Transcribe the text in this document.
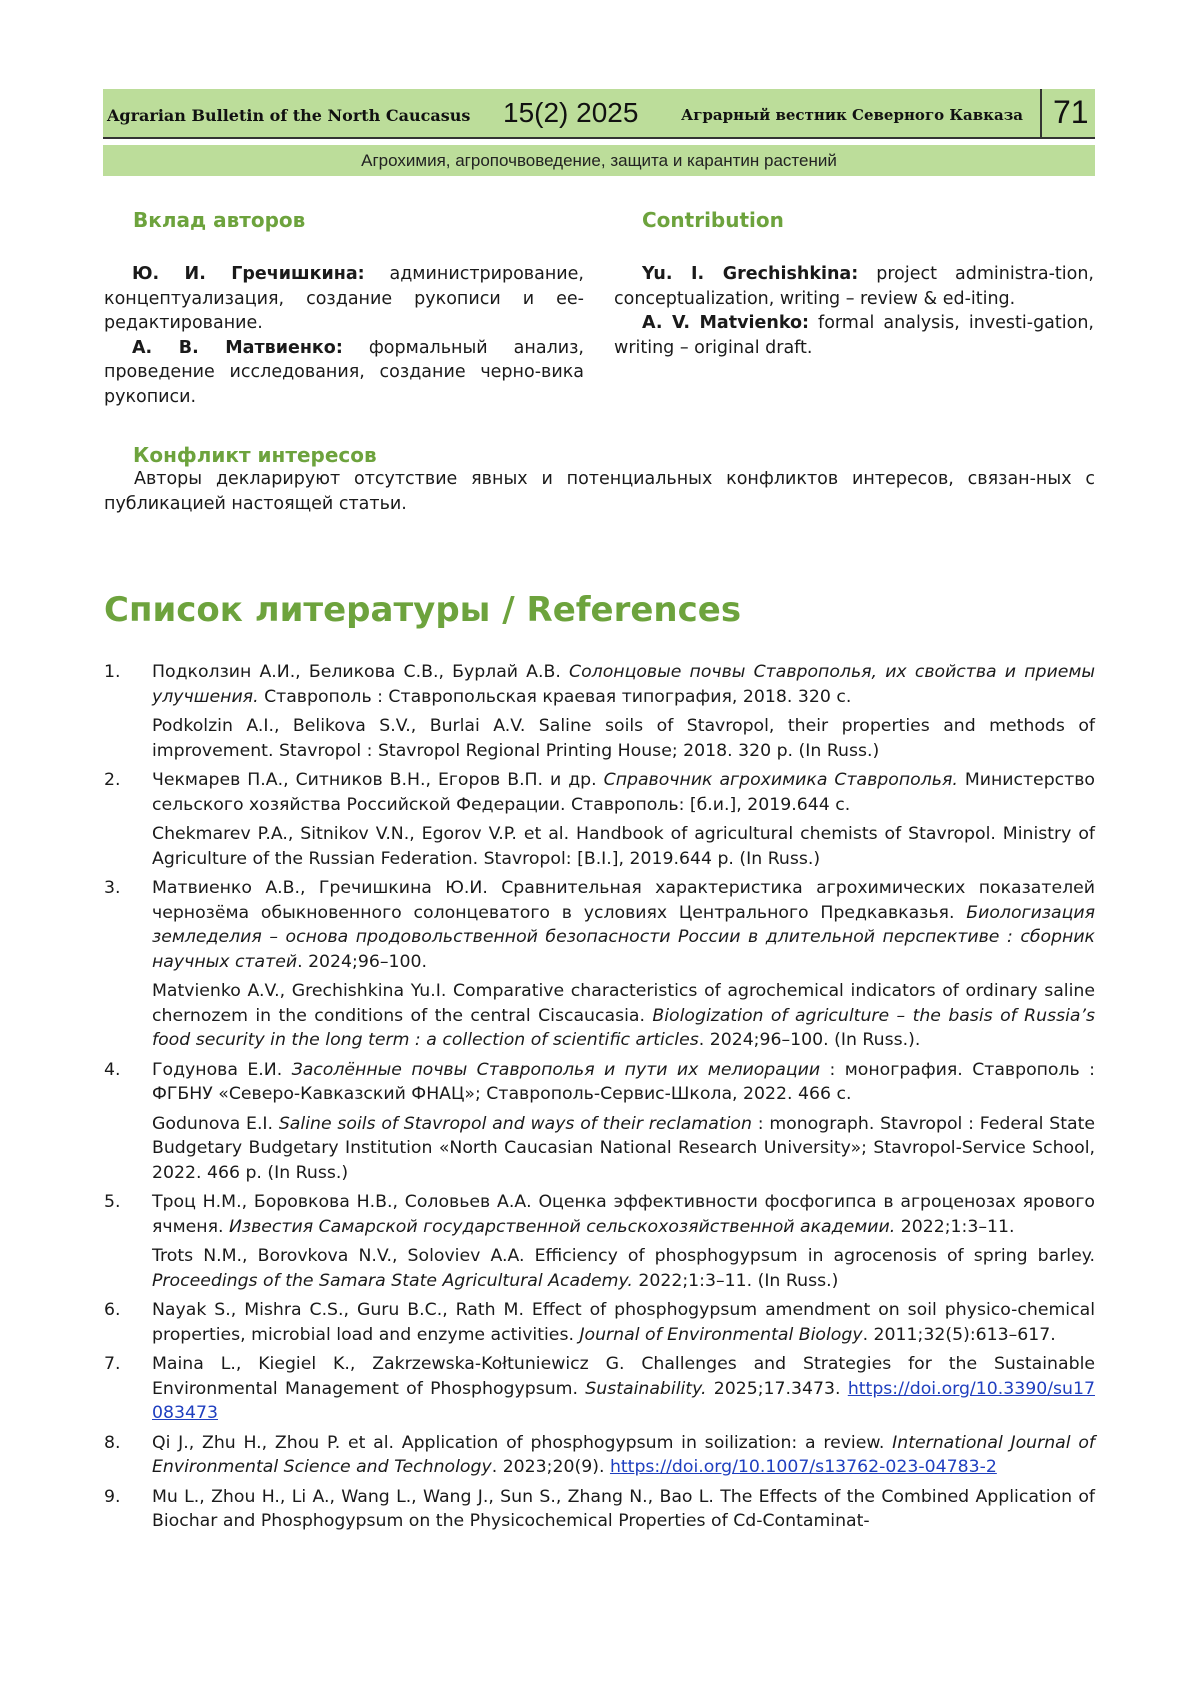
Agrarian Bulletin of the North Caucasus 15(2) 2025	Аграрный вестник Северного Кавказа 71
Агрохимия, агропочвоведение, защита и карантин растений
Вклад авторов	Contribution

Ю. И. Гречишкина: администрирование, концептуализация, создание рукописи и ее-редактирование.

А. В. Матвиенко: формальный анализ, проведение исследования, создание черно-вика рукописи.

Yu. I. Grechishkina: project administra-tion, conceptualization, writing – review & ed-iting.

A. V. Matvienko: formal analysis, investi-gation, writing – original draft.

Конфликт интересов

Авторы декларируют отсутствие явных и потенциальных конфликтов интересов, связан-ных с публикацией настоящей статьи.

Список литературы / References
1. Подколзин А.И., Беликова С.В., Бурлай А.В. Солонцовые почвы Ставрополья, их свойства и приемы улучшения. Ставрополь : Ставропольская краевая типография, 2018. 320 с.

Podkolzin A.I., Belikova S.V., Burlai A.V. Saline soils of Stavropol, their properties and methods of improvement. Stavropol : Stavropol Regional Printing House; 2018. 320 p. (In Russ.)

2. Чекмарев П.А., Ситников В.Н., Егоров В.П. и др. Справочник агрохимика Ставрополья. Министерство сельского хозяйства Российской Федерации. Ставрополь: [б.и.], 2019.644 с.

Chekmarev P.A., Sitnikov V.N., Egorov V.P. et al. Handbook of agricultural chemists of Stavropol. Ministry of Agriculture of the Russian Federation. Stavropol: [B.I.], 2019.644 p. (In Russ.)

3. Матвиенко А.В., Гречишкина Ю.И. Сравнительная характеристика агрохимических показателей чернозёма обыкновенного солонцеватого в условиях Центрального Предкавказья. Биологизация земледелия – основа продовольственной безопасности России в длительной перспективе : сборник научных статей. 2024;96–100.

Matvienko A.V., Grechishkina Yu.I. Comparative characteristics of agrochemical indicators of ordinary saline chernozem in the conditions of the central Ciscaucasia. Biologization of agriculture – the basis of Russia’s food security in the long term : a collection of scientific articles. 2024;96–100. (In Russ.).

4. Годунова Е.И. Засолённые почвы Ставрополья и пути их мелиорации : монография. Ставрополь : ФГБНУ «Северо-Кавказский ФНАЦ»; Ставрополь-Сервис-Школа, 2022. 466 с.

Godunova E.I. Saline soils of Stavropol and ways of their reclamation : monograph. Stavropol : Federal State Budgetary Budgetary Institution «North Caucasian National Research University»; Stavropol-Service School, 2022. 466 p. (In Russ.)

5. Троц Н.М., Боровкова Н.В., Соловьев А.А. Оценка эффективности фосфогипса в агроценозах ярового ячменя. Известия Самарской государственной сельскохозяйственной академии. 2022;1:3–11.

Trots N.M., Borovkova N.V., Soloviev A.A. Efficiency of phosphogypsum in agrocenosis of spring barley. Proceedings of the Samara State Agricultural Academy. 2022;1:3–11. (In Russ.)

6. Nayak S., Mishra C.S., Guru B.C., Rath M. Effect of phosphogypsum amendment on soil physico-chemical properties, microbial load and enzyme activities. Journal of Environmental Biology. 2011;32(5):613–617.

7. Maina L., Kiegiel K., Zakrzewska-Kołtuniewicz G. Challenges and Strategies for the Sustainable Environmental Management of Phosphogypsum. Sustainability. 2025;17.3473. https://doi.org/10.3390/su17083473

8. Qi J., Zhu H., Zhou P. et al. Application of phosphogypsum in soilization: a review. International Journal of Environmental Science and Technology. 2023;20(9). https://doi.org/10.1007/s13762-023-04783-2

9. Mu L., Zhou H., Li A., Wang L., Wang J., Sun S., Zhang N., Bao L. The Effects of the Combined Application of Biochar and Phosphogypsum on the Physicochemical Properties of Cd-Contaminat-
